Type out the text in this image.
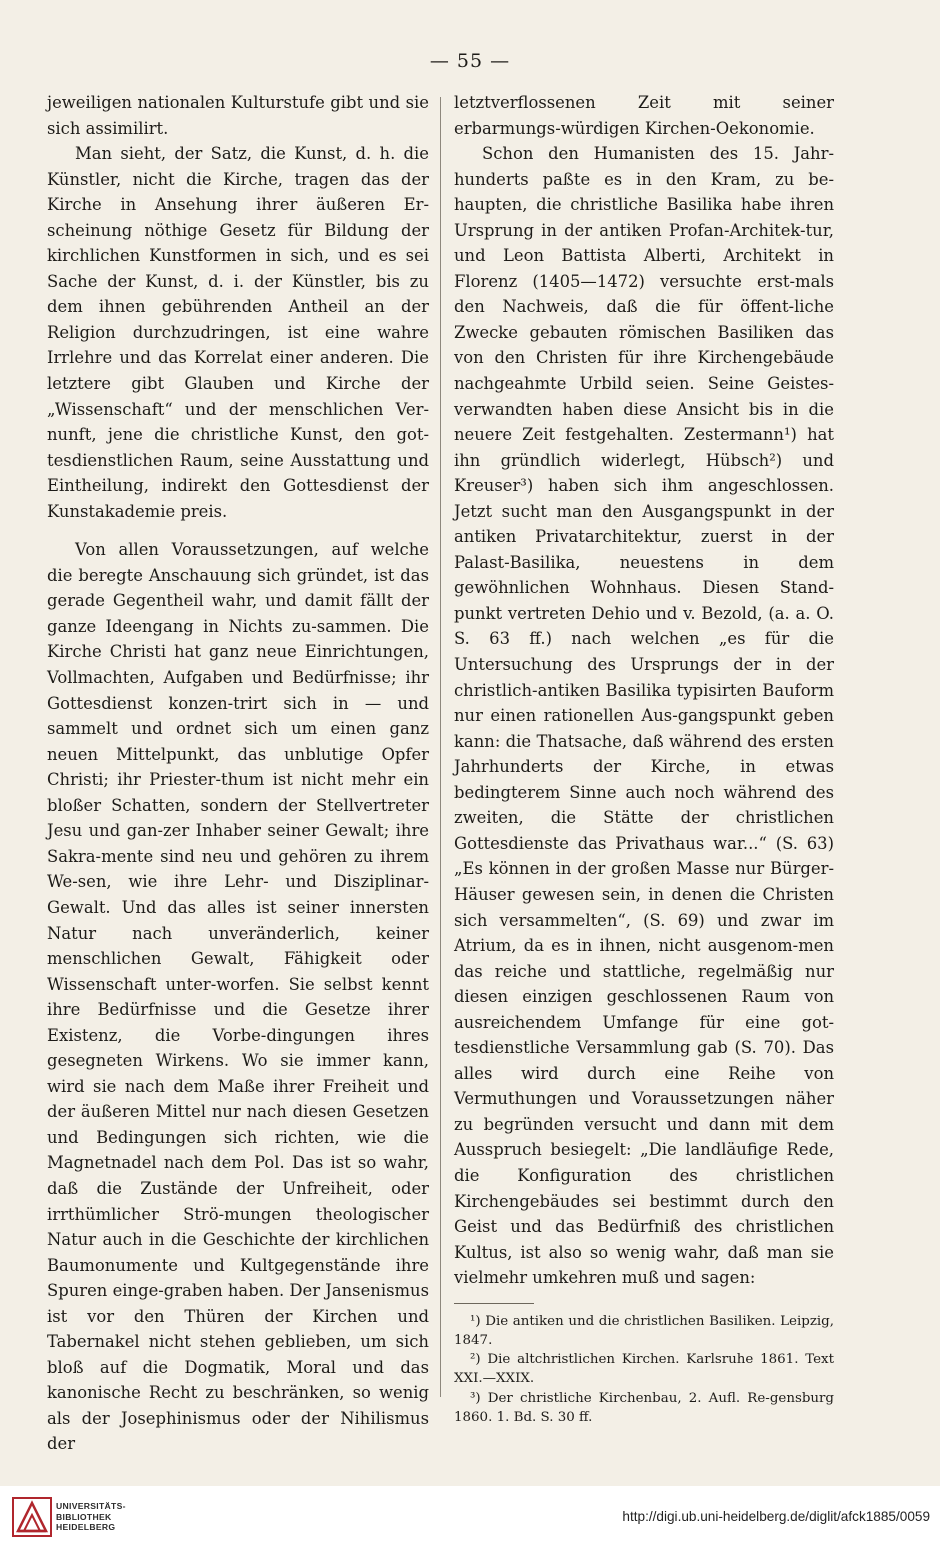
— 55 —

jeweiligen nationalen Kulturstufe gibt und sie sich assimilirt.

Man sieht, der Satz, die Kunst, d. h. die Künstler, nicht die Kirche, tragen das der Kirche in Ansehung ihrer äußeren Er-scheinung nöthige Gesetz für Bildung der kirchlichen Kunstformen in sich, und es sei Sache der Kunst, d. i. der Künstler, bis zu dem ihnen gebührenden Antheil an der Religion durchzudringen, ist eine wahre Irrlehre und das Korrelat einer anderen. Die letztere gibt Glauben und Kirche der „Wissenschaft“ und der menschlichen Ver-nunft, jene die christliche Kunst, den got-tesdienstlichen Raum, seine Ausstattung und Eintheilung, indirekt den Gottesdienst der Kunstakademie preis.

Von allen Voraussetzungen, auf welche die beregte Anschauung sich gründet, ist das gerade Gegentheil wahr, und damit fällt der ganze Ideengang in Nichts zu-sammen. Die Kirche Christi hat ganz neue Einrichtungen, Vollmachten, Aufgaben und Bedürfnisse; ihr Gottesdienst konzen-trirt sich in — und sammelt und ordnet sich um einen ganz neuen Mittelpunkt, das unblutige Opfer Christi; ihr Priester-thum ist nicht mehr ein bloßer Schatten, sondern der Stellvertreter Jesu und gan-zer Inhaber seiner Gewalt; ihre Sakra-mente sind neu und gehören zu ihrem We-sen, wie ihre Lehr- und Disziplinar-Gewalt. Und das alles ist seiner innersten Natur nach unveränderlich, keiner menschlichen Gewalt, Fähigkeit oder Wissenschaft unter-worfen. Sie selbst kennt ihre Bedürfnisse und die Gesetze ihrer Existenz, die Vorbe-dingungen ihres gesegneten Wirkens. Wo sie immer kann, wird sie nach dem Maße ihrer Freiheit und der äußeren Mittel nur nach diesen Gesetzen und Bedingungen sich richten, wie die Magnetnadel nach dem Pol. Das ist so wahr, daß die Zustände der Unfreiheit, oder irrthümlicher Strö-mungen theologischer Natur auch in die Geschichte der kirchlichen Baumonumente und Kultgegenstände ihre Spuren einge-graben haben. Der Jansenismus ist vor den Thüren der Kirchen und Tabernakel nicht stehen geblieben, um sich bloß auf die Dogmatik, Moral und das kanonische Recht zu beschränken, so wenig als der Josephinismus oder der Nihilismus der

letztverflossenen Zeit mit seiner erbarmungs-würdigen Kirchen-Oekonomie.

Schon den Humanisten des 15. Jahr-hunderts paßte es in den Kram, zu be-haupten, die christliche Basilika habe ihren Ursprung in der antiken Profan-Architek-tur, und Leon Battista Alberti, Architekt in Florenz (1405—1472) versuchte erst-mals den Nachweis, daß die für öffent-liche Zwecke gebauten römischen Basiliken das von den Christen für ihre Kirchengebäude nachgeahmte Urbild seien. Seine Geistes-verwandten haben diese Ansicht bis in die neuere Zeit festgehalten. Zestermann¹) hat ihn gründlich widerlegt, Hübsch²) und Kreuser³) haben sich ihm angeschlossen. Jetzt sucht man den Ausgangspunkt in der antiken Privatarchitektur, zuerst in der Palast-Basilika, neuestens in dem gewöhnlichen Wohnhaus. Diesen Stand-punkt vertreten Dehio und v. Bezold, (a. a. O. S. 63 ff.) nach welchen „es für die Untersuchung des Ursprungs der in der christlich-antiken Basilika typisirten Bauform nur einen rationellen Aus-gangspunkt geben kann: die Thatsache, daß während des ersten Jahrhunderts der Kirche, in etwas bedingterem Sinne auch noch während des zweiten, die Stätte der christlichen Gottesdienste das Privathaus war...“ (S. 63) „Es können in der großen Masse nur Bürger-Häuser gewesen sein, in denen die Christen sich versammelten“, (S. 69) und zwar im Atrium, da es in ihnen, nicht ausgenom-men das reiche und stattliche, regelmäßig nur diesen einzigen geschlossenen Raum von ausreichendem Umfange für eine got-tesdienstliche Versammlung gab (S. 70). Das alles wird durch eine Reihe von Vermuthungen und Voraussetzungen näher zu begründen versucht und dann mit dem Ausspruch besiegelt: „Die landläufige Rede, die Konfiguration des christlichen Kirchengebäudes sei bestimmt durch den Geist und das Bedürfniß des christlichen Kultus, ist also so wenig wahr, daß man sie vielmehr umkehren muß und sagen:

¹) Die antiken und die christlichen Basiliken. Leipzig, 1847.

²) Die altchristlichen Kirchen. Karlsruhe 1861. Text XXI.—XXIX.

³) Der christliche Kirchenbau, 2. Aufl. Re-gensburg 1860. 1. Bd. S. 30 ff.

UNIVERSITÄTS-
BIBLIOTHEK
HEIDELBERG
http://digi.ub.uni-heidelberg.de/diglit/afck1885/0059
